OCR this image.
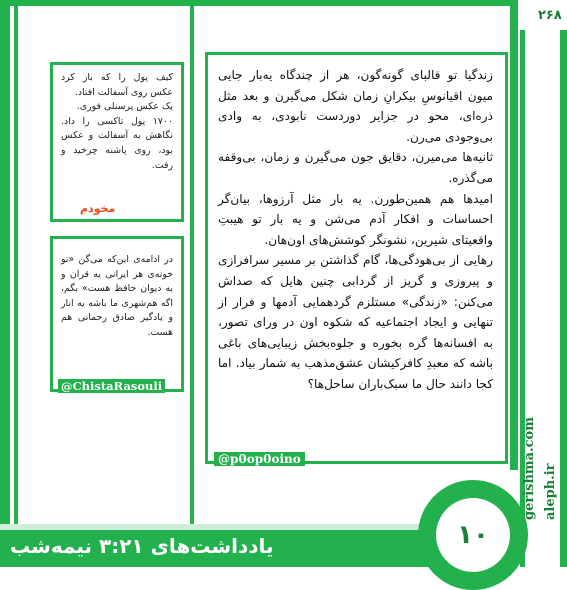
۲۶۸
gerishma.com aleph.ir
۱۰
یادداشت‌های ۳:۲۱ نیمه‌شب

کیف پول را که باز کرد عکس روی آسفالت افتاد.

یک عکس پرسنلی فوری.

۱۷۰۰ پول تاکسی را داد. نگاهش به آسفالت و عکس بود، روی پاشنه چرخید و رفت.

مخودم

در ادامه‌ی این‌که می‌گن «تو خونه‌ی هر ایرانی یه قران و یه دیوان حافظ هست» بگم، اگه هم‌شهری ما باشه یه انار و یادگیر صادق رحمانی هم هست.

@ChistaRasouli

زندگیا تو قالبای گونه‌گون، هر از چندگاه یه‌بار جایی میون اقیانوسِ بیکرانِ زمان شکل می‌گیرن و بعد مثل ذره‌ای، محو در جزایر دوردست نابودی، به وادی بی‌وجودی می‌رن.

ثانیه‌ها می‌میرن، دقایق جون می‌گیرن و زمان، بی‌وقفه می‌گذره.

امیدها هم همین‌طورن. یه بار مثل آرزوها، بیان‌گر احساسات و افکار آدم می‌شن و یه بار تو هیبتِ واقعیتای شیرین، نشونگر کوشش‌های اون‌هان.

رهایی از بی‌هودگی‌ها، گام گذاشتن بر مسیر سرافرازی و پیروزی و گریز از گردابی چنین هایل که صداش می‌کنن: «زندگی» مستلزم گردهمایی آدمها و فرار از تنهایی و ایجاد اجتماعیه که شکوه اون در ورای تصور، به افسانه‌ها گره بخوره و جلوه‌بخش زیبایی‌های باغی باشه که معبدِ کافرکیشان عشق‌مذهب به شمار بیاد. اما کجا دانند حال ما سبک‌باران ساحل‌ها؟

@p0op0oino
